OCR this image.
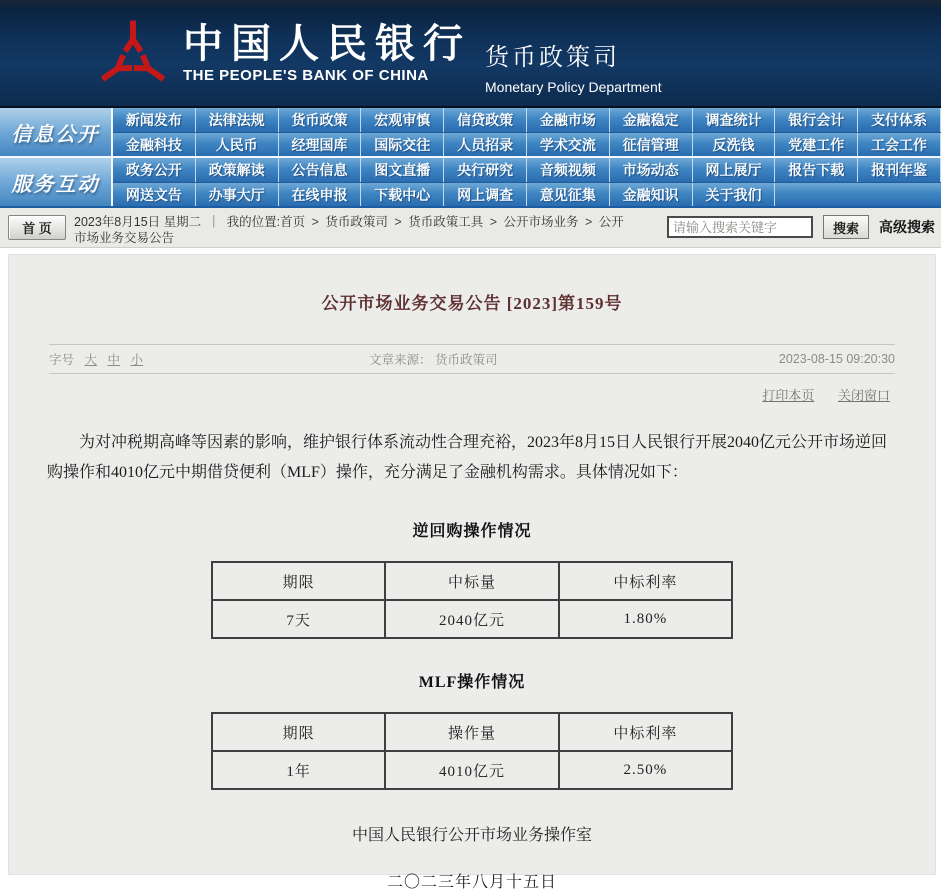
中国人民银行
THE PEOPLE'S BANK OF CHINA
货币政策司
Monetary Policy Department
信息公开
新闻发布	法律法规	货币政策	宏观审慎	信贷政策	金融市场	金融稳定	调查统计	银行会计	支付体系
金融科技	人民币	经理国库	国际交往	人员招录	学术交流	征信管理	反洗钱	党建工作	工会工作
服务互动
政务公开	政策解读	公告信息	图文直播	央行研究	音频视频	市场动态	网上展厅	报告下载	报刊年鉴
网送文告	办事大厅	在线申报	下载中心	网上调查	意见征集	金融知识	关于我们
首 页	2023年8月15日 星期二 ｜ 我的位置:首页 > 货币政策司 > 货币政策工具 > 公开市场业务 > 公开市场业务交易公告
请输入搜索关键字
搜索	高级搜索
公开市场业务交易公告 [2023]第159号
字号 大 中 小	文章来源： 货币政策司	2023-08-15 09:20:30
打印本页 关闭窗口

为对冲税期高峰等因素的影响，维护银行体系流动性合理充裕，2023年8月15日人民银行开展2040亿元公开市场逆回购操作和4010亿元中期借贷便利（MLF）操作，充分满足了金融机构需求。具体情况如下：

逆回购操作情况
期限	中标量	中标利率
7天	2040亿元	1.80%
MLF操作情况
期限	操作量	中标利率
1年	4010亿元	2.50%

中国人民银行公开市场业务操作室

二〇二三年八月十五日
